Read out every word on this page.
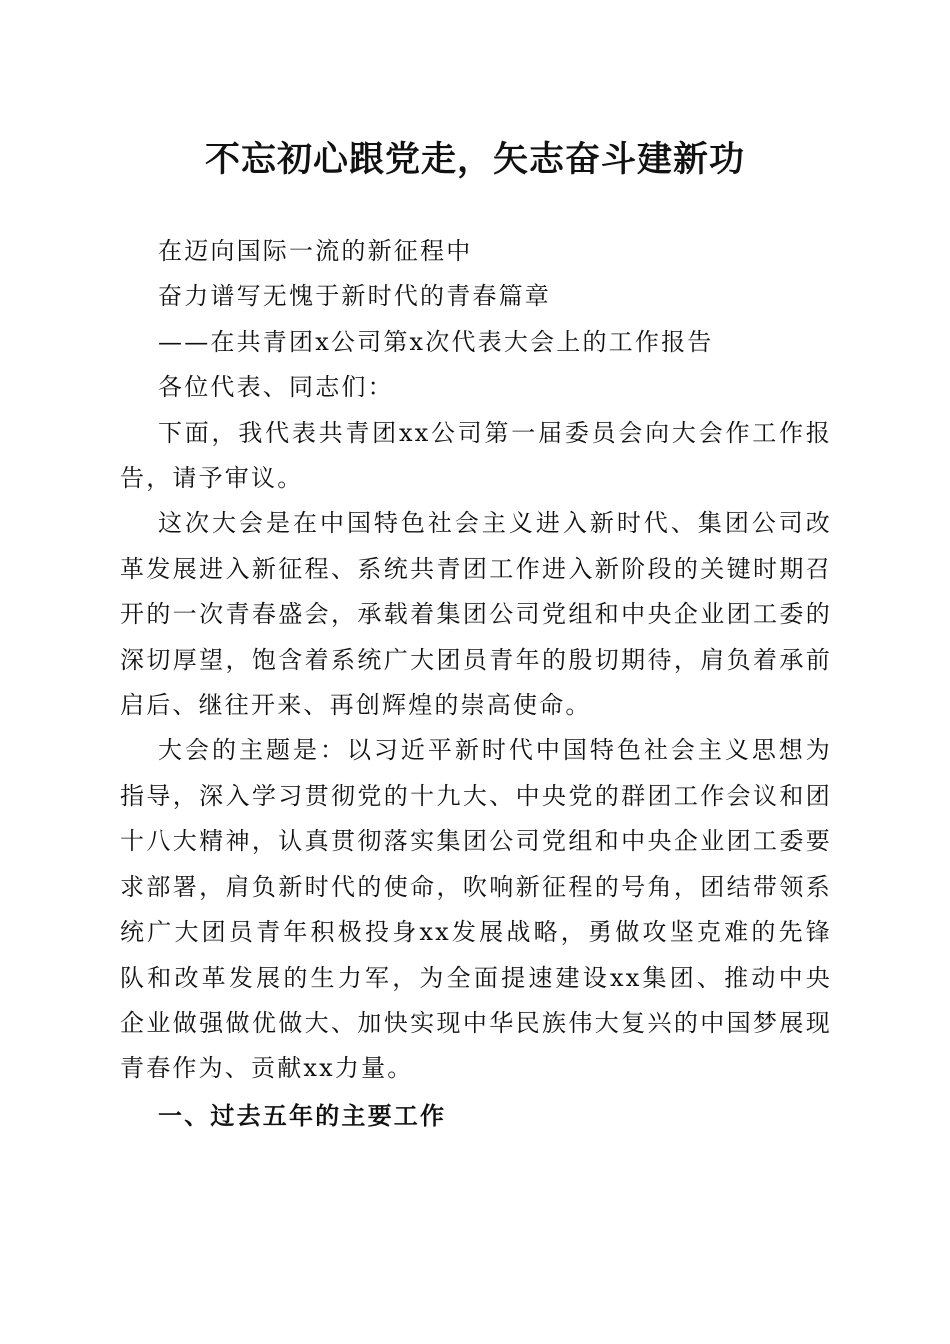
不忘初心跟党走，矢志奋斗建新功

在迈向国际一流的新征程中

奋力谱写无愧于新时代的青春篇章

——在共青团x公司第x次代表大会上的工作报告

各位代表、同志们：

下面，我代表共青团xx公司第一届委员会向大会作工作报告，请予审议。

这次大会是在中国特色社会主义进入新时代、集团公司改革发展进入新征程、系统共青团工作进入新阶段的关键时期召开的一次青春盛会，承载着集团公司党组和中央企业团工委的深切厚望，饱含着系统广大团员青年的殷切期待，肩负着承前启后、继往开来、再创辉煌的崇高使命。

大会的主题是：以习近平新时代中国特色社会主义思想为指导，深入学习贯彻党的十九大、中央党的群团工作会议和团十八大精神，认真贯彻落实集团公司党组和中央企业团工委要求部署，肩负新时代的使命，吹响新征程的号角，团结带领系统广大团员青年积极投身xx发展战略，勇做攻坚克难的先锋队和改革发展的生力军，为全面提速建设xx集团、推动中央企业做强做优做大、加快实现中华民族伟大复兴的中国梦展现青春作为、贡献xx力量。

一、过去五年的主要工作
